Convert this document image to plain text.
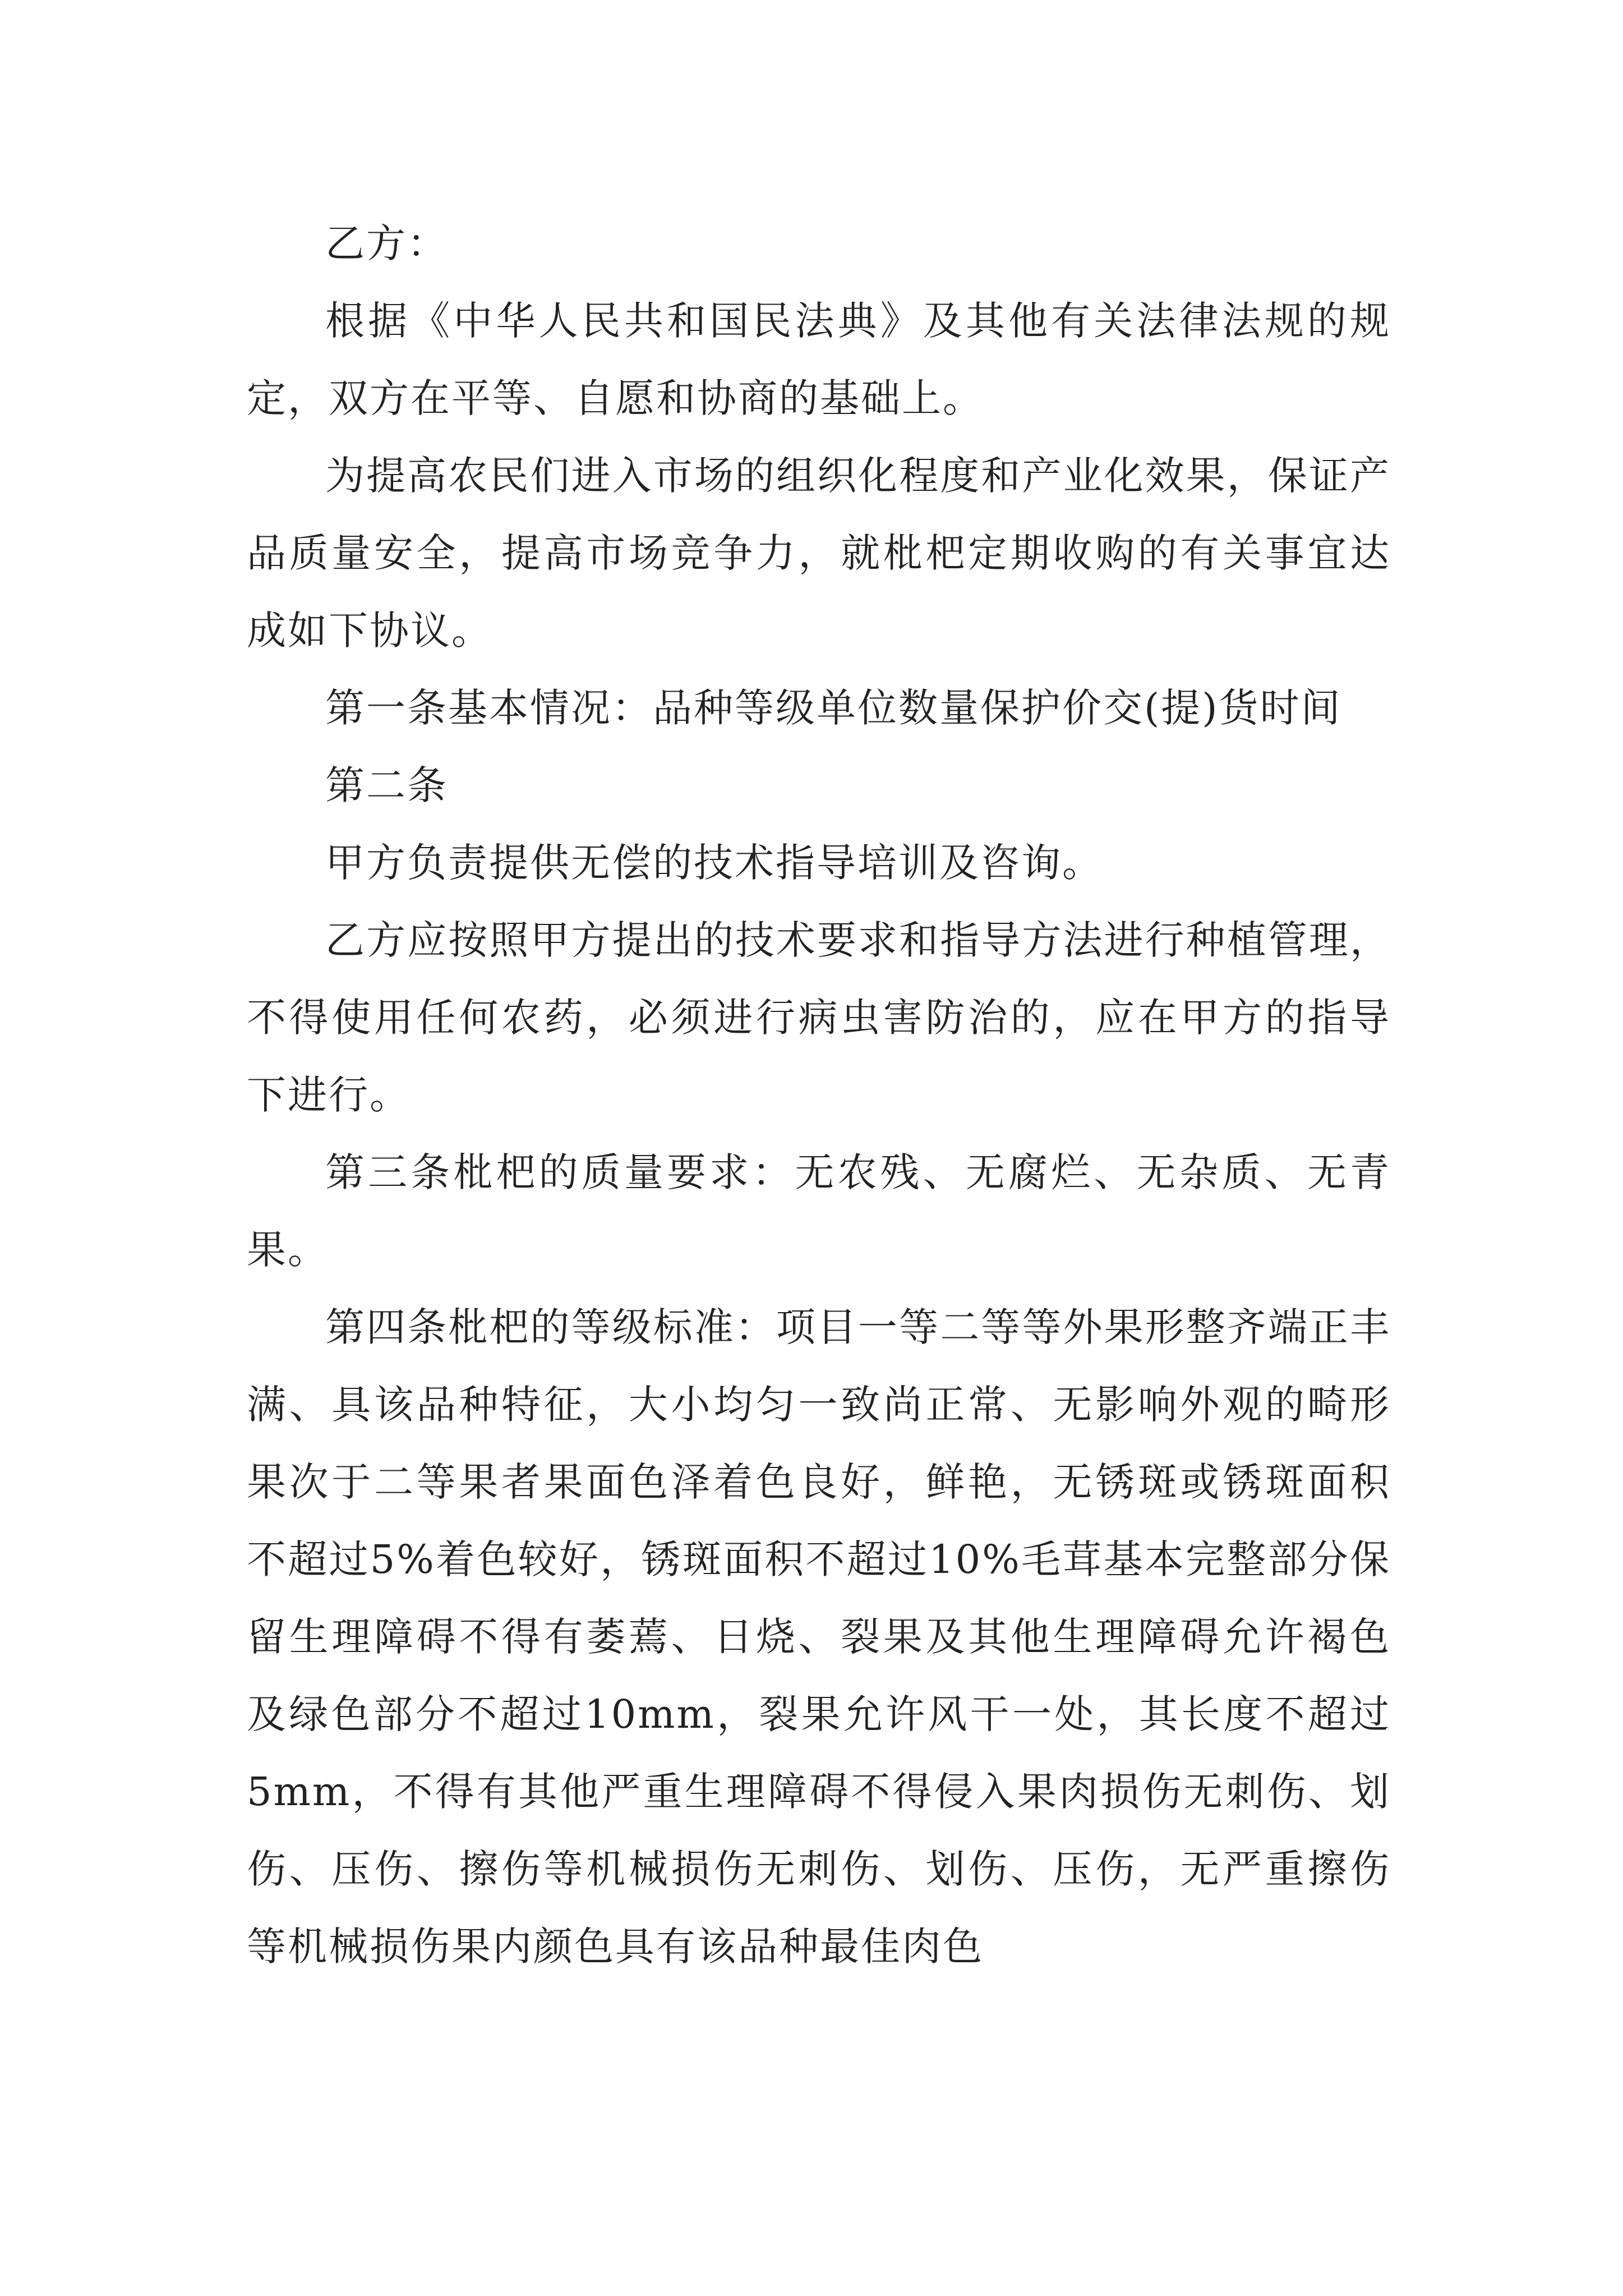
乙方：

根据《中华人民共和国民法典》及其他有关法律法规的规定，双方在平等、自愿和协商的基础上。

为提高农民们进入市场的组织化程度和产业化效果，保证产品质量安全，提高市场竞争力，就枇杷定期收购的有关事宜达成如下协议。

第一条基本情况：品种等级单位数量保护价交(提)货时间

第二条

甲方负责提供无偿的技术指导培训及咨询。

乙方应按照甲方提出的技术要求和指导方法进行种植管理，不得使用任何农药，必须进行病虫害防治的，应在甲方的指导下进行。

第三条枇杷的质量要求：无农残、无腐烂、无杂质、无青果。

第四条枇杷的等级标准：项目一等二等等外果形整齐端正丰满、具该品种特征，大小均匀一致尚正常、无影响外观的畸形果次于二等果者果面色泽着色良好，鲜艳，无锈斑或锈斑面积不超过5%着色较好，锈斑面积不超过10%毛茸基本完整部分保留生理障碍不得有萎蔫、日烧、裂果及其他生理障碍允许褐色及绿色部分不超过10mm，裂果允许风干一处，其长度不超过5mm，不得有其他严重生理障碍不得侵入果肉损伤无刺伤、划伤、压伤、擦伤等机械损伤无刺伤、划伤、压伤，无严重擦伤等机械损伤果内颜色具有该品种最佳肉色
